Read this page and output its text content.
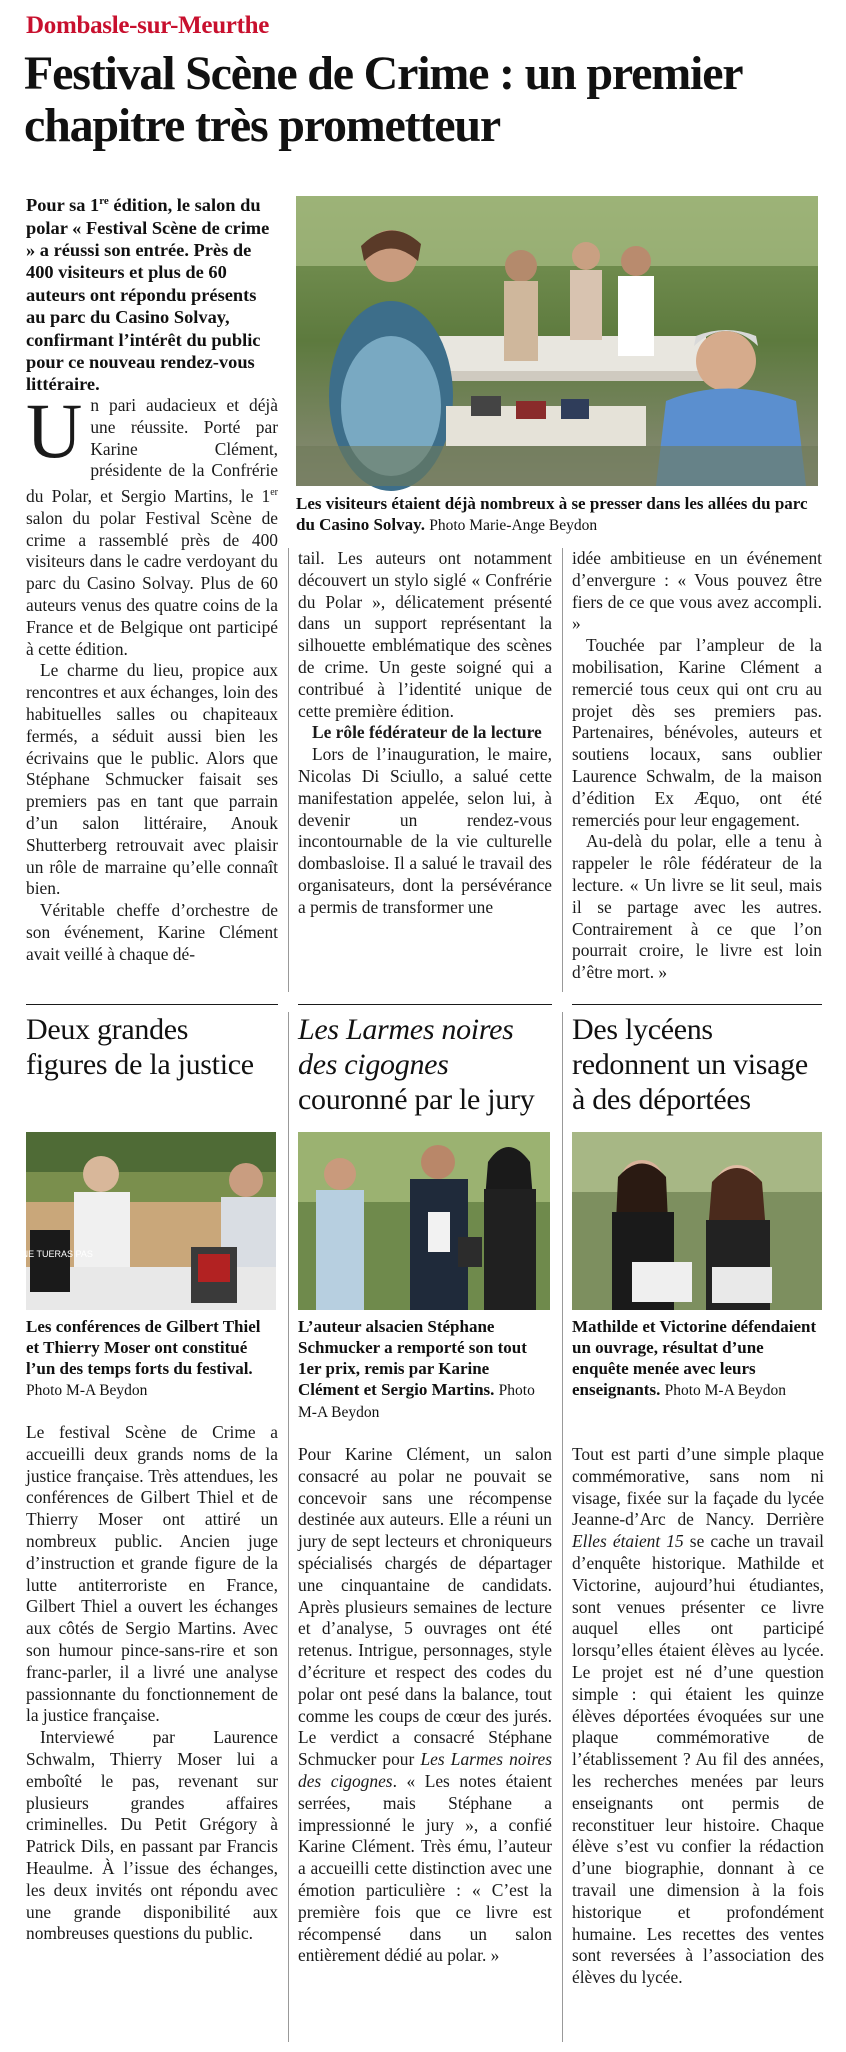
Dombasle-sur-Meurthe
Festival Scène de Crime : un premier chapitre très prometteur
Pour sa 1re édition, le salon du polar « Festival Scène de crime » a réussi son entrée. Près de 400 visiteurs et plus de 60 auteurs ont répondu présents au parc du Casino Solvay, confirmant l’intérêt du public pour ce nouveau rendez-vous littéraire.
Les visiteurs étaient déjà nombreux à se presser dans les allées du parc du Casino Solvay. Photo Marie-Ange Beydon

Un pari audacieux et déjà une réussite. Porté par Karine Clément, présidente de la Confrérie du Polar, et Sergio Martins, le 1er salon du polar Festival Scène de crime a rassemblé près de 400 visiteurs dans le cadre verdoyant du parc du Casino Solvay. Plus de 60 auteurs venus des quatre coins de la France et de Belgique ont participé à cette édition.

Le charme du lieu, propice aux rencontres et aux échanges, loin des habituelles salles ou chapiteaux fermés, a séduit aussi bien les écrivains que le public. Alors que Stéphane Schmucker faisait ses premiers pas en tant que parrain d’un salon littéraire, Anouk Shutterberg retrouvait avec plaisir un rôle de marraine qu’elle connaît bien.

Véritable cheffe d’orchestre de son événement, Karine Clément avait veillé à chaque dé-

tail. Les auteurs ont notamment découvert un stylo siglé « Confrérie du Polar », délicatement présenté dans un support représentant la silhouette emblématique des scènes de crime. Un geste soigné qui a contribué à l’identité unique de cette première édition.

Le rôle fédérateur de la lecture

Lors de l’inauguration, le maire, Nicolas Di Sciullo, a salué cette manifestation appelée, selon lui, à devenir un rendez-vous incontournable de la vie culturelle dombasloise. Il a salué le travail des organisateurs, dont la persévérance a permis de transformer une

idée ambitieuse en un événement d’envergure : « Vous pouvez être fiers de ce que vous avez accompli. »

Touchée par l’ampleur de la mobilisation, Karine Clément a remercié tous ceux qui ont cru au projet dès ses premiers pas. Partenaires, bénévoles, auteurs et soutiens locaux, sans oublier Laurence Schwalm, de la maison d’édition Ex Æquo, ont été remerciés pour leur engagement.

Au-delà du polar, elle a tenu à rappeler le rôle fédérateur de la lecture. « Un livre se lit seul, mais il se partage avec les autres. Contrairement à ce que l’on pourrait croire, le livre est loin d’être mort. »

Deux grandes figures de la justice
TU NE TUERAS PAS
Les conférences de Gilbert Thiel et Thierry Moser ont constitué l’un des temps forts du festival. Photo M-A Beydon

Le festival Scène de Crime a accueilli deux grands noms de la justice française. Très attendues, les conférences de Gilbert Thiel et de Thierry Moser ont attiré un nombreux public. Ancien juge d’instruction et grande figure de la lutte antiterroriste en France, Gilbert Thiel a ouvert les échanges aux côtés de Sergio Martins. Avec son humour pince-sans-rire et son franc-parler, il a livré une analyse passionnante du fonctionnement de la justice française.

Interviewé par Laurence Schwalm, Thierry Moser lui a emboîté le pas, revenant sur plusieurs grandes affaires criminelles. Du Petit Grégory à Patrick Dils, en passant par Francis Heaulme. À l’issue des échanges, les deux invités ont répondu avec une grande disponibilité aux nombreuses questions du public.

Les Larmes noires des cigognes couronné par le jury
L’auteur alsacien Stéphane Schmucker a remporté son tout 1er prix, remis par Karine Clément et Sergio Martins. Photo M-A Beydon

Pour Karine Clément, un salon consacré au polar ne pouvait se concevoir sans une récompense destinée aux auteurs. Elle a réuni un jury de sept lecteurs et chroniqueurs spécialisés chargés de départager une cinquantaine de candidats. Après plusieurs semaines de lecture et d’analyse, 5 ouvrages ont été retenus. Intrigue, personnages, style d’écriture et respect des codes du polar ont pesé dans la balance, tout comme les coups de cœur des jurés. Le verdict a consacré Stéphane Schmucker pour Les Larmes noires des cigognes. « Les notes étaient serrées, mais Stéphane a impressionné le jury », a confié Karine Clément. Très ému, l’auteur a accueilli cette distinction avec une émotion particulière : « C’est la première fois que ce livre est récompensé dans un salon entièrement dédié au polar. »

Des lycéens redonnent un visage à des déportées
Mathilde et Victorine défendaient un ouvrage, résultat d’une enquête menée avec leurs enseignants. Photo M-A Beydon

Tout est parti d’une simple plaque commémorative, sans nom ni visage, fixée sur la façade du lycée Jeanne-d’Arc de Nancy. Derrière Elles étaient 15 se cache un travail d’enquête historique. Mathilde et Victorine, aujourd’hui étudiantes, sont venues présenter ce livre auquel elles ont participé lorsqu’elles étaient élèves au lycée. Le projet est né d’une question simple : qui étaient les quinze élèves déportées évoquées sur une plaque commémorative de l’établissement ? Au fil des années, les recherches menées par leurs enseignants ont permis de reconstituer leur histoire. Chaque élève s’est vu confier la rédaction d’une biographie, donnant à ce travail une dimension à la fois historique et profondément humaine. Les recettes des ventes sont reversées à l’association des élèves du lycée.
